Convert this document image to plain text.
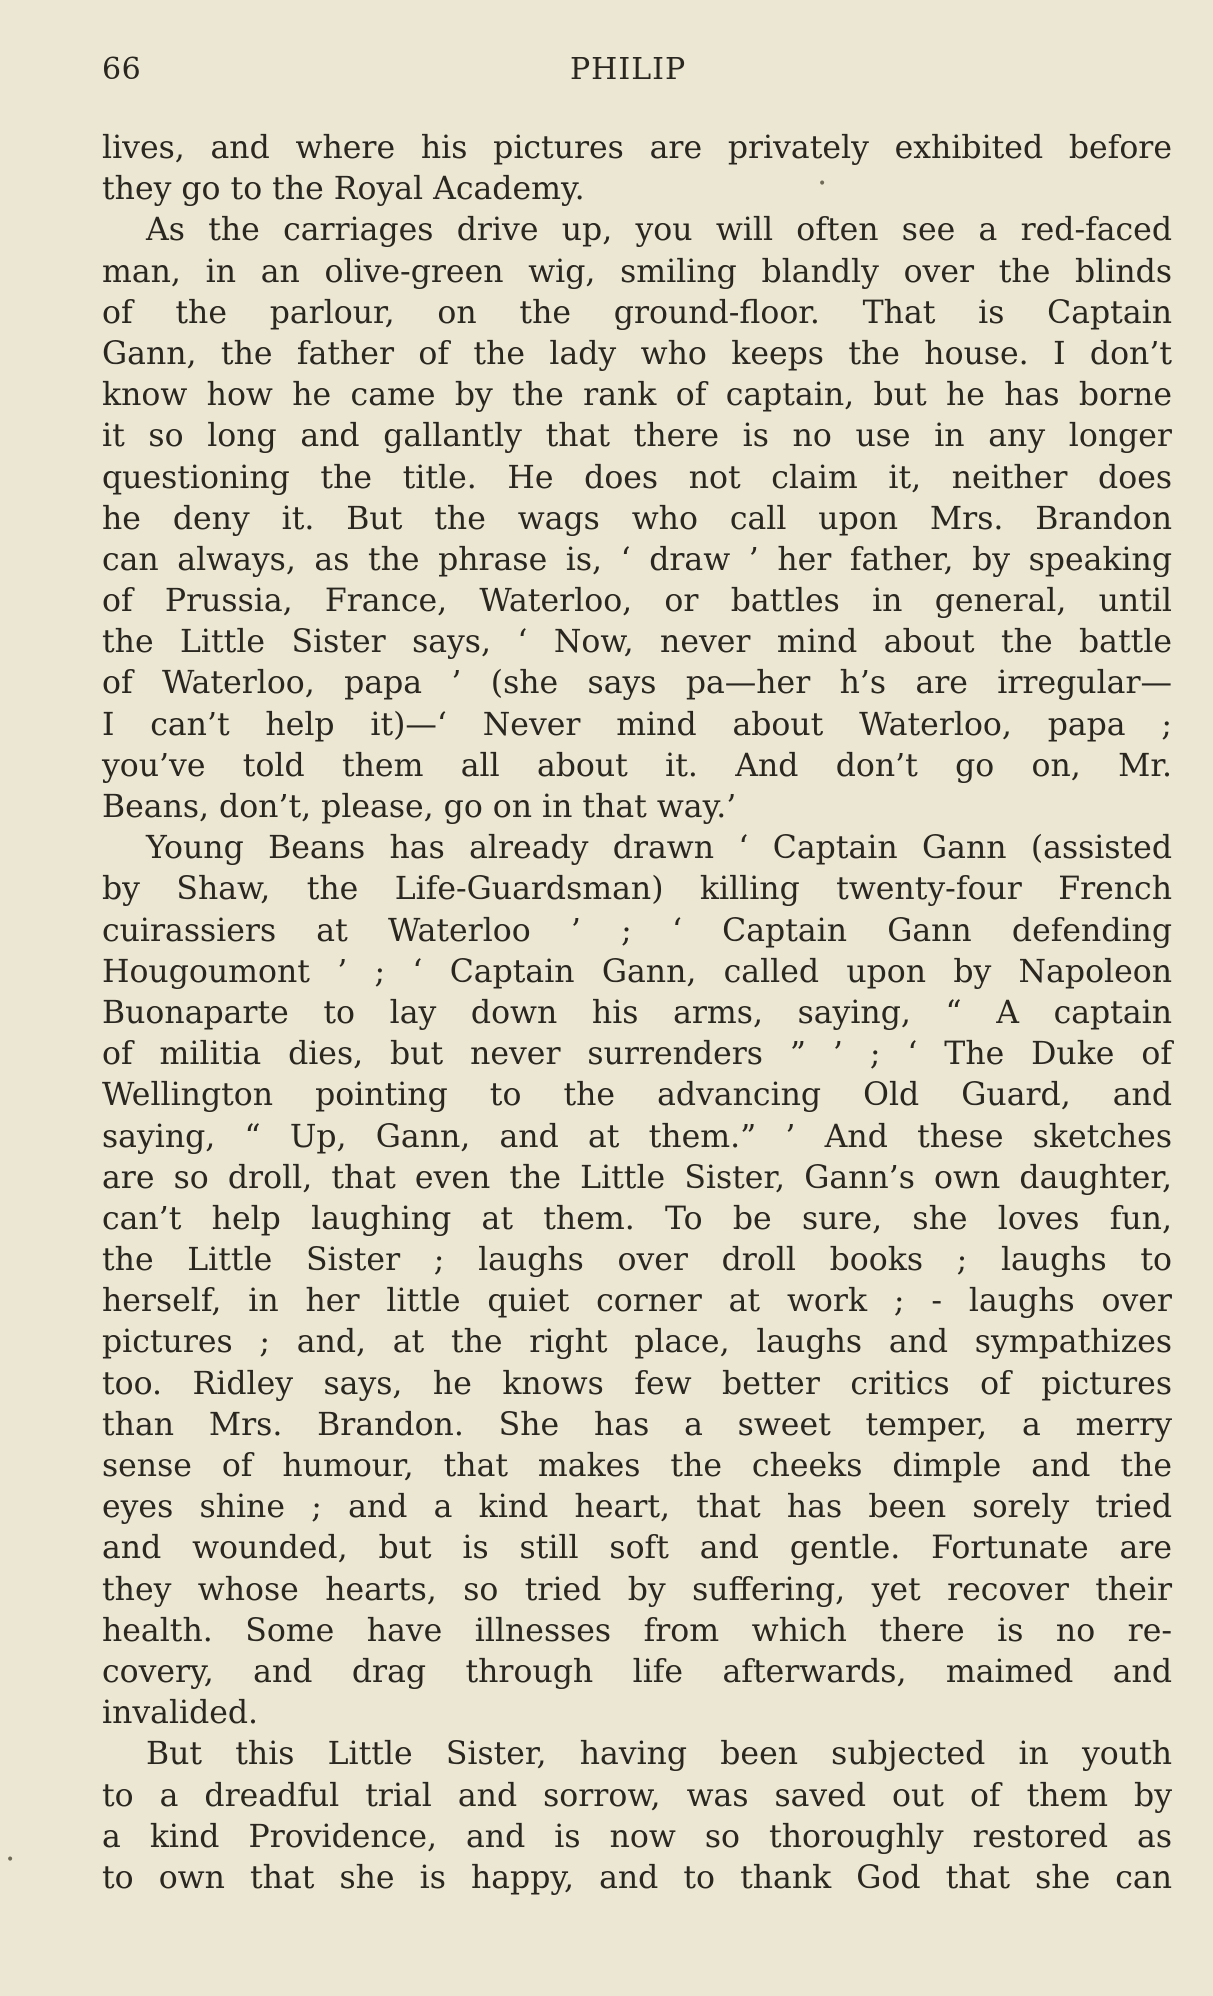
66	PHILIP
lives, and where his pictures are privately exhibited before
they go to the Royal Academy.
As the carriages drive up, you will often see a red-faced
man, in an olive-green wig, smiling blandly over the blinds
of the parlour, on the ground-floor. That is Captain
Gann, the father of the lady who keeps the house. I don’t
know how he came by the rank of captain, but he has borne
it so long and gallantly that there is no use in any longer
questioning the title. He does not claim it, neither does
he deny it. But the wags who call upon Mrs. Brandon
can always, as the phrase is, ‘ draw ’ her father, by speaking
of Prussia, France, Waterloo, or battles in general, until
the Little Sister says, ‘ Now, never mind about the battle
of Waterloo, papa ’ (she says pa—her h’s are irregular—
I can’t help it)—‘ Never mind about Waterloo, papa ;
you’ve told them all about it. And don’t go on, Mr.
Beans, don’t, please, go on in that way.’
Young Beans has already drawn ‘ Captain Gann (assisted
by Shaw, the Life-Guardsman) killing twenty-four French
cuirassiers at Waterloo ’ ; ‘ Captain Gann defending
Hougoumont ’ ; ‘ Captain Gann, called upon by Napoleon
Buonaparte to lay down his arms, saying, “ A captain
of militia dies, but never surrenders ” ’ ; ‘ The Duke of
Wellington pointing to the advancing Old Guard, and
saying, “ Up, Gann, and at them.” ’ And these sketches
are so droll, that even the Little Sister, Gann’s own daughter,
can’t help laughing at them. To be sure, she loves fun,
the Little Sister ; laughs over droll books ; laughs to
herself, in her little quiet corner at work ; - laughs over
pictures ; and, at the right place, laughs and sympathizes
too. Ridley says, he knows few better critics of pictures
than Mrs. Brandon. She has a sweet temper, a merry
sense of humour, that makes the cheeks dimple and the
eyes shine ; and a kind heart, that has been sorely tried
and wounded, but is still soft and gentle. Fortunate are
they whose hearts, so tried by suffering, yet recover their
health. Some have illnesses from which there is no re-
covery, and drag through life afterwards, maimed and
invalided.
But this Little Sister, having been subjected in youth
to a dreadful trial and sorrow, was saved out of them by
a kind Providence, and is now so thoroughly restored as
to own that she is happy, and to thank God that she can
•
•
